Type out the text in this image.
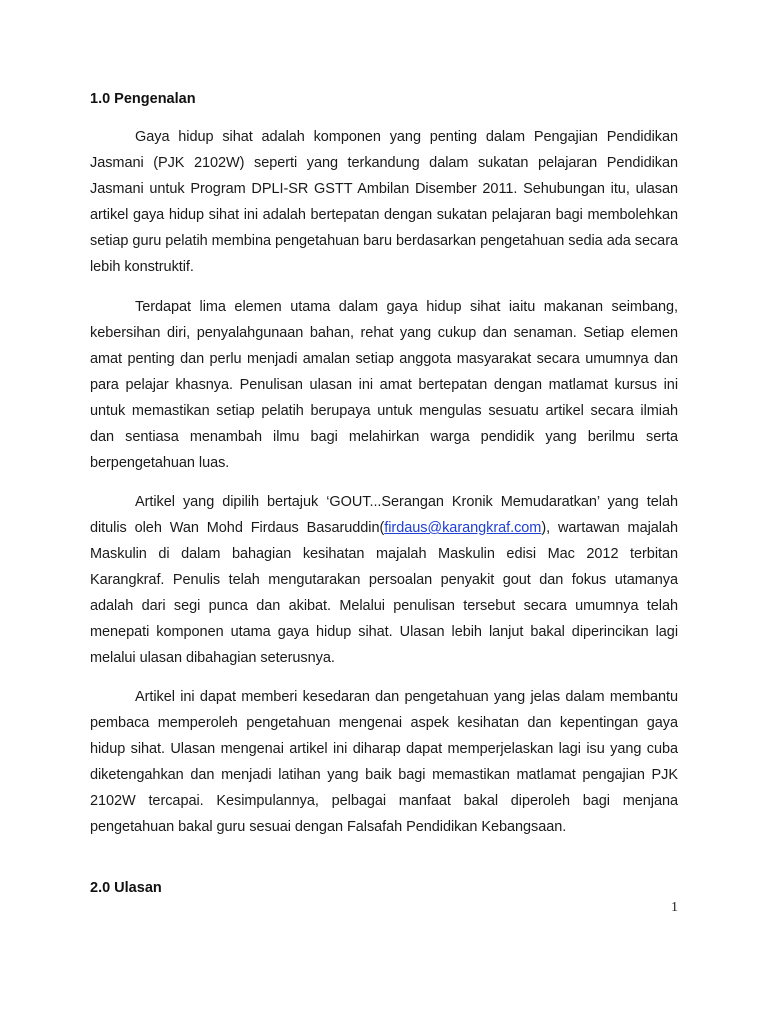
1.0 Pengenalan

Gaya hidup sihat adalah komponen yang penting dalam Pengajian Pendidikan Jasmani (PJK 2102W) seperti yang terkandung dalam sukatan pelajaran Pendidikan Jasmani untuk Program DPLI-SR GSTT Ambilan Disember 2011. Sehubungan itu, ulasan artikel gaya hidup sihat ini adalah bertepatan dengan sukatan pelajaran bagi membolehkan setiap guru pelatih membina pengetahuan baru berdasarkan pengetahuan sedia ada secara lebih konstruktif.

Terdapat lima elemen utama dalam gaya hidup sihat iaitu makanan seimbang, kebersihan diri, penyalahgunaan bahan, rehat yang cukup dan senaman. Setiap elemen amat penting dan perlu menjadi amalan setiap anggota masyarakat secara umumnya dan para pelajar khasnya. Penulisan ulasan ini amat bertepatan dengan matlamat kursus ini untuk memastikan setiap pelatih berupaya untuk mengulas sesuatu artikel secara ilmiah dan sentiasa menambah ilmu bagi melahirkan warga pendidik yang berilmu serta berpengetahuan luas.

Artikel yang dipilih bertajuk ‘GOUT...Serangan Kronik Memudaratkan’ yang telah ditulis oleh Wan Mohd Firdaus Basaruddin(firdaus@karangkraf.com), wartawan majalah Maskulin di dalam bahagian kesihatan majalah Maskulin edisi Mac 2012 terbitan Karangkraf. Penulis telah mengutarakan persoalan penyakit gout dan fokus utamanya adalah dari segi punca dan akibat. Melalui penulisan tersebut secara umumnya telah menepati komponen utama gaya hidup sihat. Ulasan lebih lanjut bakal diperincikan lagi melalui ulasan dibahagian seterusnya.

Artikel ini dapat memberi kesedaran dan pengetahuan yang jelas dalam membantu pembaca memperoleh pengetahuan mengenai aspek kesihatan dan kepentingan gaya hidup sihat. Ulasan mengenai artikel ini diharap dapat memperjelaskan lagi isu yang cuba diketengahkan dan menjadi latihan yang baik bagi memastikan matlamat pengajian PJK 2102W tercapai. Kesimpulannya, pelbagai manfaat bakal diperoleh bagi menjana pengetahuan bakal guru sesuai dengan Falsafah Pendidikan Kebangsaan.

2.0 Ulasan
1
